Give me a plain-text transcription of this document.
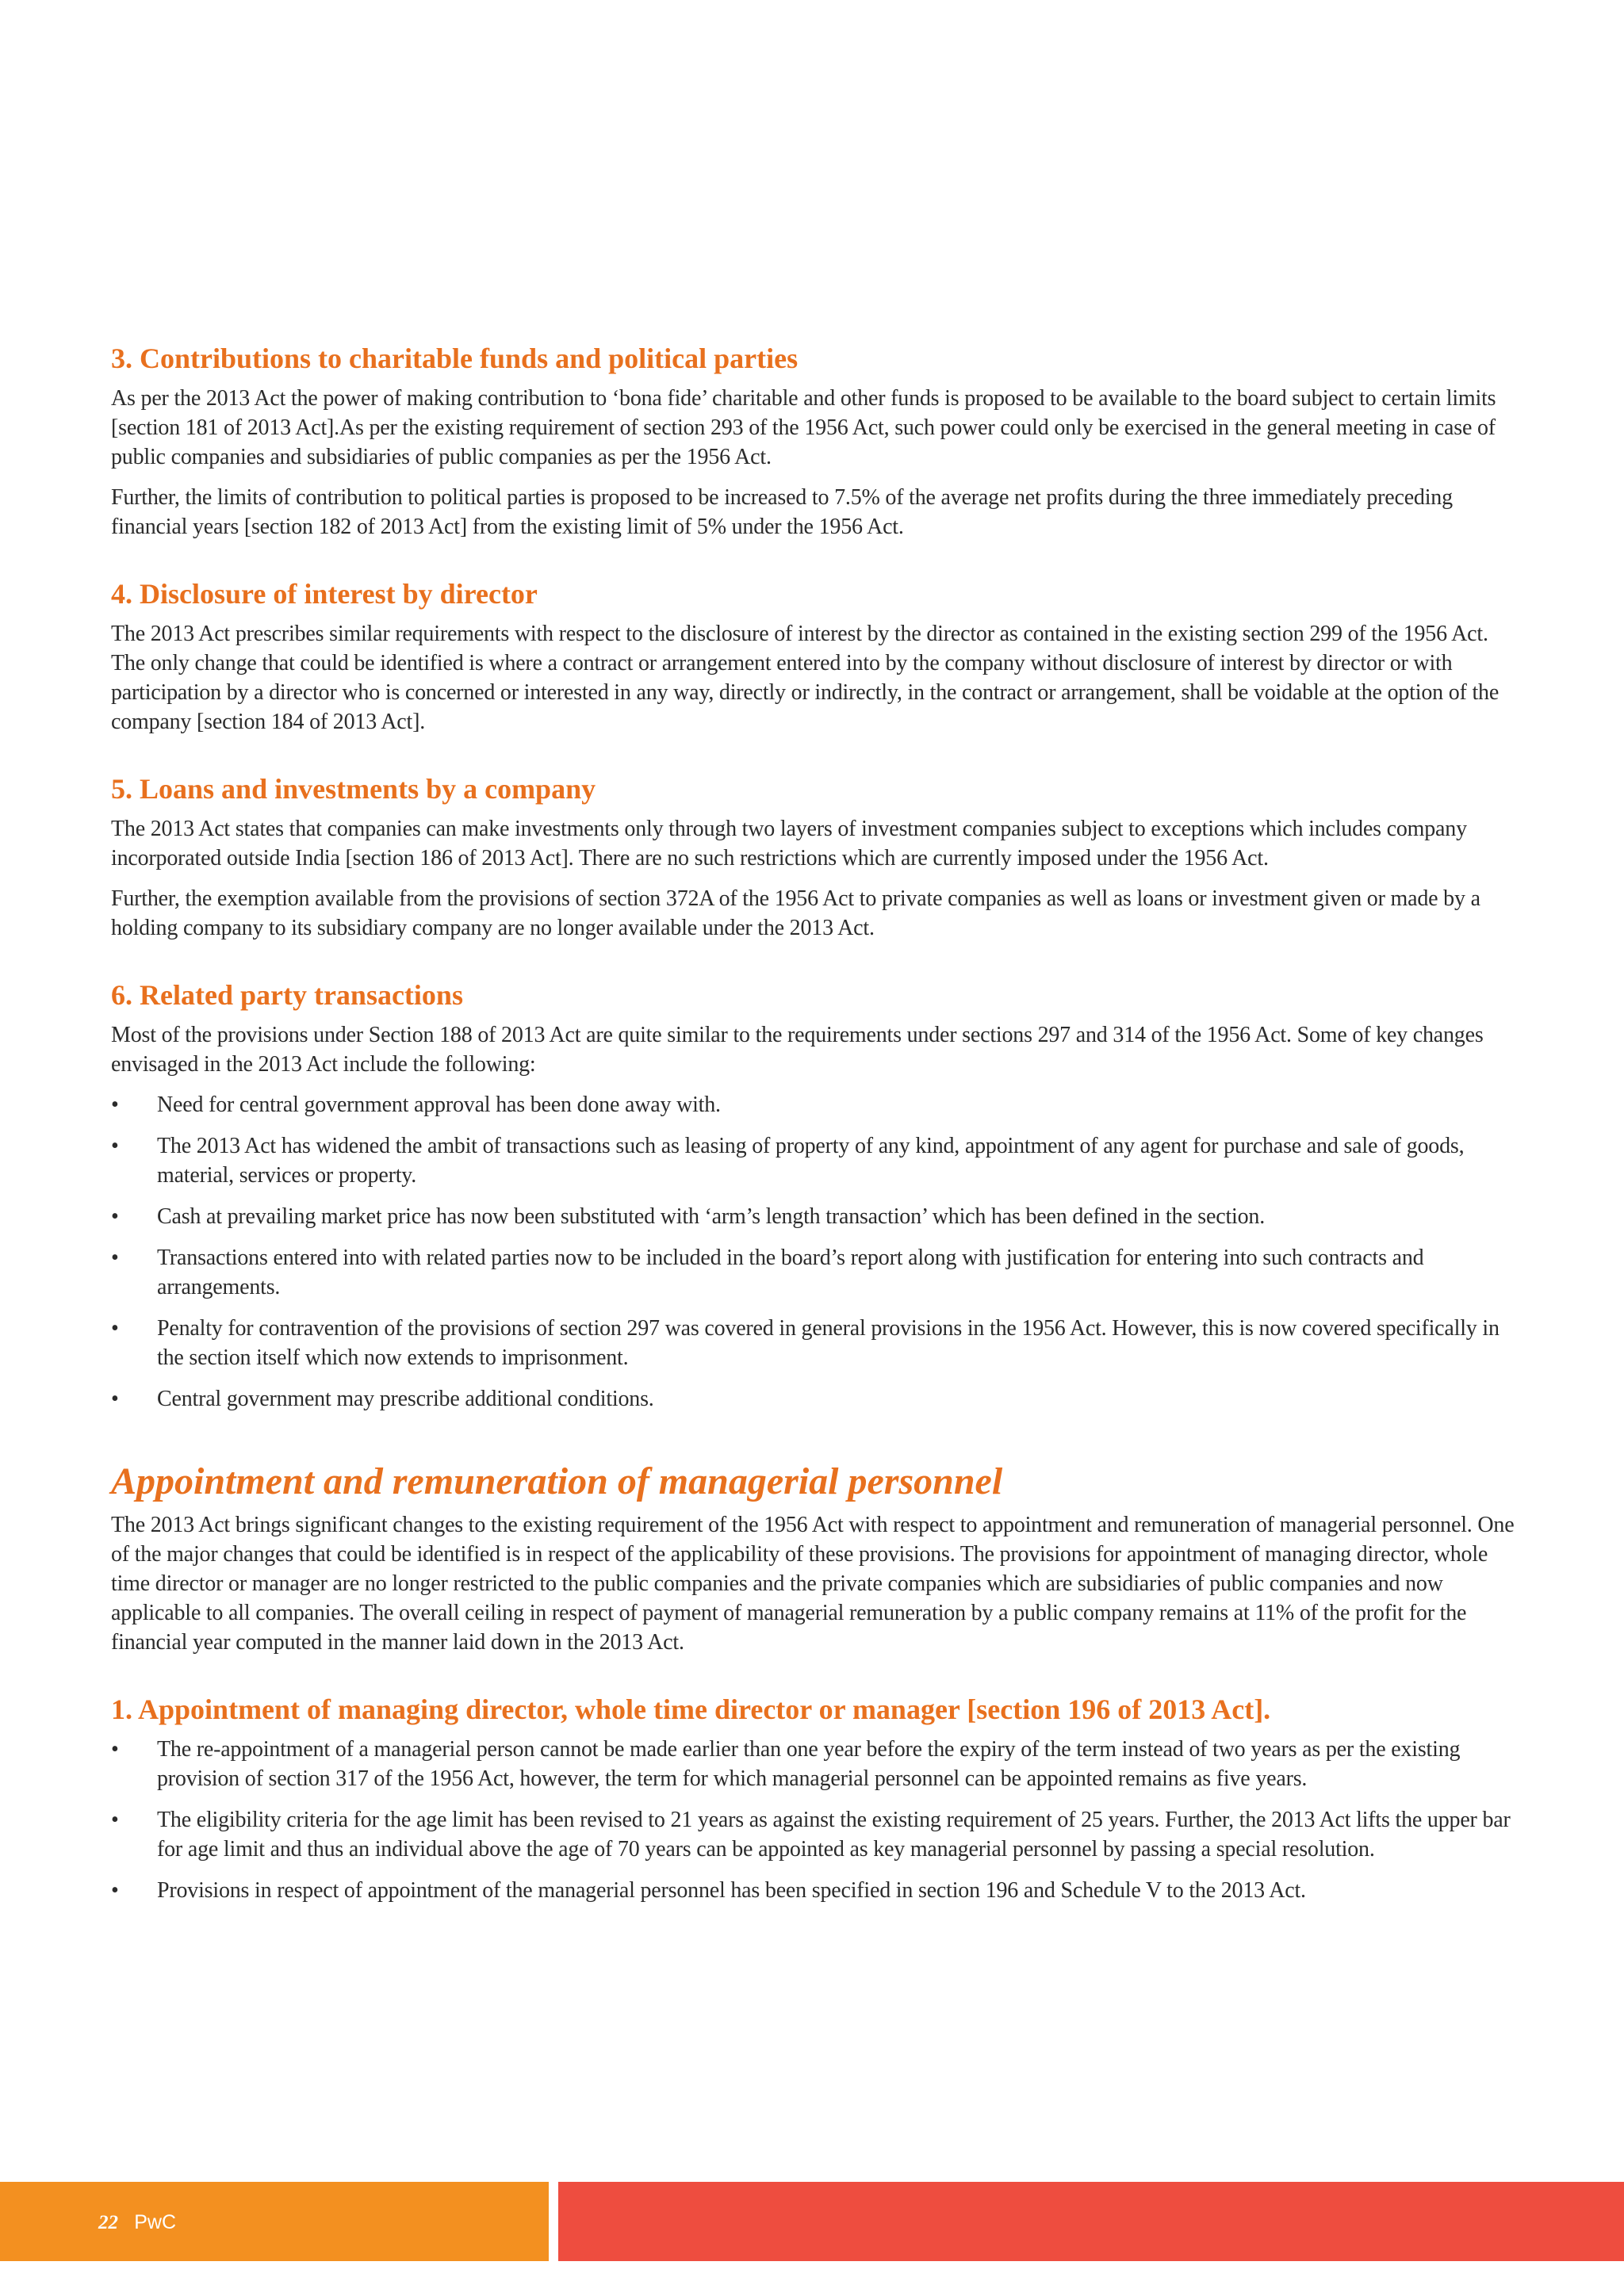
3. Contributions to charitable funds and political parties

As per the 2013 Act the power of making contribution to ‘bona fide’ charitable and other funds is proposed to be available to the board subject to certain limits [section 181 of 2013 Act].As per the existing requirement of section 293 of the 1956 Act, such power could only be exercised in the general meeting in case of public companies and subsidiaries of public companies as per the 1956 Act.

Further, the limits of contribution to political parties is proposed to be increased to 7.5% of the average net profits during the three immediately preceding financial years [section 182 of 2013 Act] from the existing limit of 5% under the 1956 Act.

4. Disclosure of interest by director

The 2013 Act prescribes similar requirements with respect to the disclosure of interest by the director as contained in the existing section 299 of the 1956 Act. The only change that could be identified is where a contract or arrangement entered into by the company without disclosure of interest by director or with participation by a director who is concerned or interested in any way, directly or indirectly, in the contract or arrangement, shall be voidable at the option of the company [section 184 of 2013 Act].

5. Loans and investments by a company

The 2013 Act states that companies can make investments only through two layers of investment companies subject to exceptions which includes company incorporated outside India [section 186 of 2013 Act]. There are no such restrictions which are currently imposed under the 1956 Act.

Further, the exemption available from the provisions of section 372A of the 1956 Act to private companies as well as loans or investment given or made by a holding company to its subsidiary company are no longer available under the 2013 Act.

6. Related party transactions

Most of the provisions under Section 188 of 2013 Act are quite similar to the requirements under sections 297 and 314 of the 1956 Act. Some of key changes envisaged in the 2013 Act include the following:

•	Need for central government approval has been done away with.
•	The 2013 Act has widened the ambit of transactions such as leasing of property of any kind, appointment of any agent for purchase and sale of goods, material, services or property.
•	Cash at prevailing market price has now been substituted with ‘arm’s length transaction’ which has been defined in the section.
•	Transactions entered into with related parties now to be included in the board’s report along with justification for entering into such contracts and arrangements.
•	Penalty for contravention of the provisions of section 297 was covered in general provisions in the 1956 Act. However, this is now covered specifically in the section itself which now extends to imprisonment.
•	Central government may prescribe additional conditions.
Appointment and remuneration of managerial personnel

The 2013 Act brings significant changes to the existing requirement of the 1956 Act with respect to appointment and remuneration of managerial personnel. One of the major changes that could be identified is in respect of the applicability of these provisions. The provisions for appointment of managing director, whole time director or manager are no longer restricted to the public companies and the private companies which are subsidiaries of public companies and now applicable to all companies. The overall ceiling in respect of payment of managerial remuneration by a public company remains at 11% of the profit for the financial year computed in the manner laid down in the 2013 Act.

1. Appointment of managing director, whole time director or manager [section 196 of 2013 Act].
•	The re-appointment of a managerial person cannot be made earlier than one year before the expiry of the term instead of two years as per the existing provision of section 317 of the 1956 Act, however, the term for which managerial personnel can be appointed remains as five years.
•	The eligibility criteria for the age limit has been revised to 21 years as against the existing requirement of 25 years. Further, the 2013 Act lifts the upper bar for age limit and thus an individual above the age of 70 years can be appointed as key managerial personnel by passing a special resolution.
•	Provisions in respect of appointment of the managerial personnel has been specified in section 196 and Schedule V to the 2013 Act.
22 PwC
